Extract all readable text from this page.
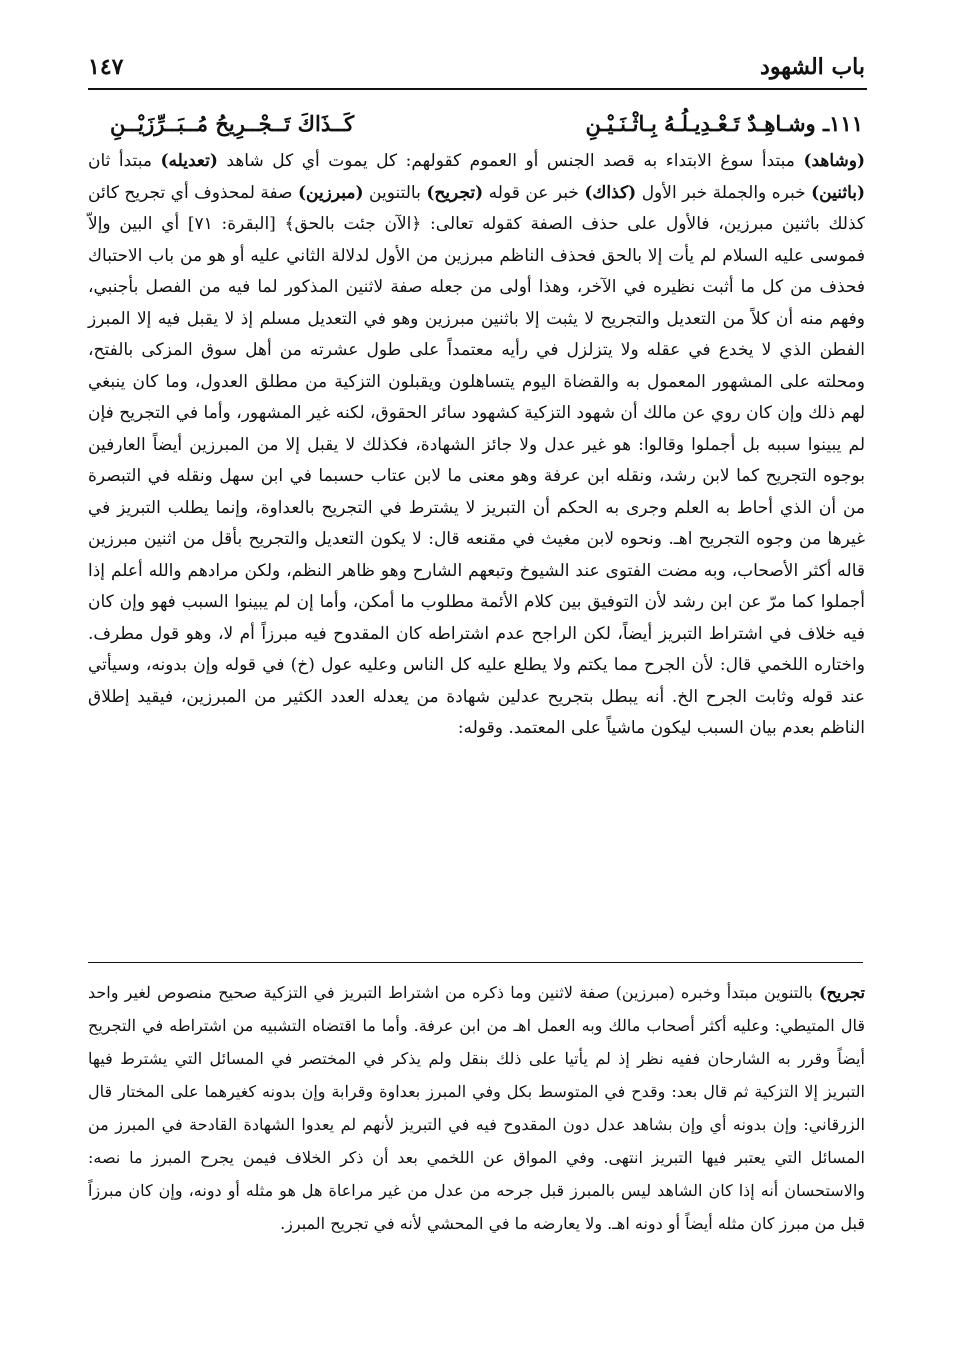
باب الشهود
١٤٧
١١١ـ وشـاهِـدٌ تَـعْـدِيـلُـهُ بِـاثْـنَـيْـنِ
كَــذَاكَ تَــجْــرِيحُ مُــبَــرِّزَيْــنِ

(وشاهد) مبتدأ سوغ الابتداء به قصد الجنس أو العموم كقولهم: كل يموت أي كل شاهد (تعديله) مبتدأ ثان (باثنين) خبره والجملة خبر الأول (كذاك) خبر عن قوله (تجريح) بالتنوين (مبرزين) صفة لمحذوف أي تجريح كائن كذلك باثنين مبرزين، فالأول على حذف الصفة كقوله تعالى: ﴿الآن جئت بالحق﴾ [البقرة: ٧١] أي البين وإلاّ فموسى عليه السلام لم يأت إلا بالحق فحذف الناظم مبرزين من الأول لدلالة الثاني عليه أو هو من باب الاحتباك فحذف من كل ما أثبت نظيره في الآخر، وهذا أولى من جعله صفة لاثنين المذكور لما فيه من الفصل بأجنبي، وفهم منه أن كلاً من التعديل والتجريح لا يثبت إلا باثنين مبرزين وهو في التعديل مسلم إذ لا يقبل فيه إلا المبرز الفطن الذي لا يخدع في عقله ولا يتزلزل في رأيه معتمداً على طول عشرته من أهل سوق المزكى بالفتح، ومحلته على المشهور المعمول به والقضاة اليوم يتساهلون ويقبلون التزكية من مطلق العدول، وما كان ينبغي لهم ذلك وإن كان روي عن مالك أن شهود التزكية كشهود سائر الحقوق، لكنه غير المشهور، وأما في التجريح فإن لم يبينوا سببه بل أجملوا وقالوا: هو غير عدل ولا جائز الشهادة، فكذلك لا يقبل إلا من المبرزين أيضاً العارفين بوجوه التجريح كما لابن رشد، ونقله ابن عرفة وهو معنى ما لابن عتاب حسبما في ابن سهل ونقله في التبصرة من أن الذي أحاط به العلم وجرى به الحكم أن التبريز لا يشترط في التجريح بالعداوة، وإنما يطلب التبريز في غيرها من وجوه التجريح اهـ. ونحوه لابن مغيث في مقنعه قال: لا يكون التعديل والتجريح بأقل من اثنين مبرزين قاله أكثر الأصحاب، وبه مضت الفتوى عند الشيوخ وتبعهم الشارح وهو ظاهر النظم، ولكن مرادهم والله أعلم إذا أجملوا كما مرّ عن ابن رشد لأن التوفيق بين كلام الأئمة مطلوب ما أمكن، وأما إن لم يبينوا السبب فهو وإن كان فيه خلاف في اشتراط التبريز أيضاً، لكن الراجح عدم اشتراطه كان المقدوح فيه مبرزاً أم لا، وهو قول مطرف. واختاره اللخمي قال: لأن الجرح مما يكتم ولا يطلع عليه كل الناس وعليه عول (خ) في قوله وإن بدونه، وسيأتي عند قوله وثابت الجرح الخ. أنه يبطل بتجريح عدلين شهادة من يعدله العدد الكثير من المبرزين، فيقيد إطلاق الناظم بعدم بيان السبب ليكون ماشياً على المعتمد. وقوله:

تجريح) بالتنوين مبتدأ وخبره (مبرزين) صفة لاثنين وما ذكره من اشتراط التبريز في التزكية صحيح منصوص لغير واحد قال المتيطي: وعليه أكثر أصحاب مالك وبه العمل اهـ من ابن عرفة. وأما ما اقتضاه التشبيه من اشتراطه في التجريح أيضاً وقرر به الشارحان ففيه نظر إذ لم يأتيا على ذلك بنقل ولم يذكر في المختصر في المسائل التي يشترط فيها التبريز إلا التزكية ثم قال بعد: وقدح في المتوسط بكل وفي المبرز بعداوة وقرابة وإن بدونه كغيرهما على المختار قال الزرقاني: وإن بدونه أي وإن بشاهد عدل دون المقدوح فيه في التبريز لأنهم لم يعدوا الشهادة القادحة في المبرز من المسائل التي يعتبر فيها التبريز انتهى. وفي المواق عن اللخمي بعد أن ذكر الخلاف فيمن يجرح المبرز ما نصه: والاستحسان أنه إذا كان الشاهد ليس بالمبرز قبل جرحه من عدل من غير مراعاة هل هو مثله أو دونه، وإن كان مبرزاً قبل من مبرز كان مثله أيضاً أو دونه اهـ. ولا يعارضه ما في المحشي لأنه في تجريح المبرز.
